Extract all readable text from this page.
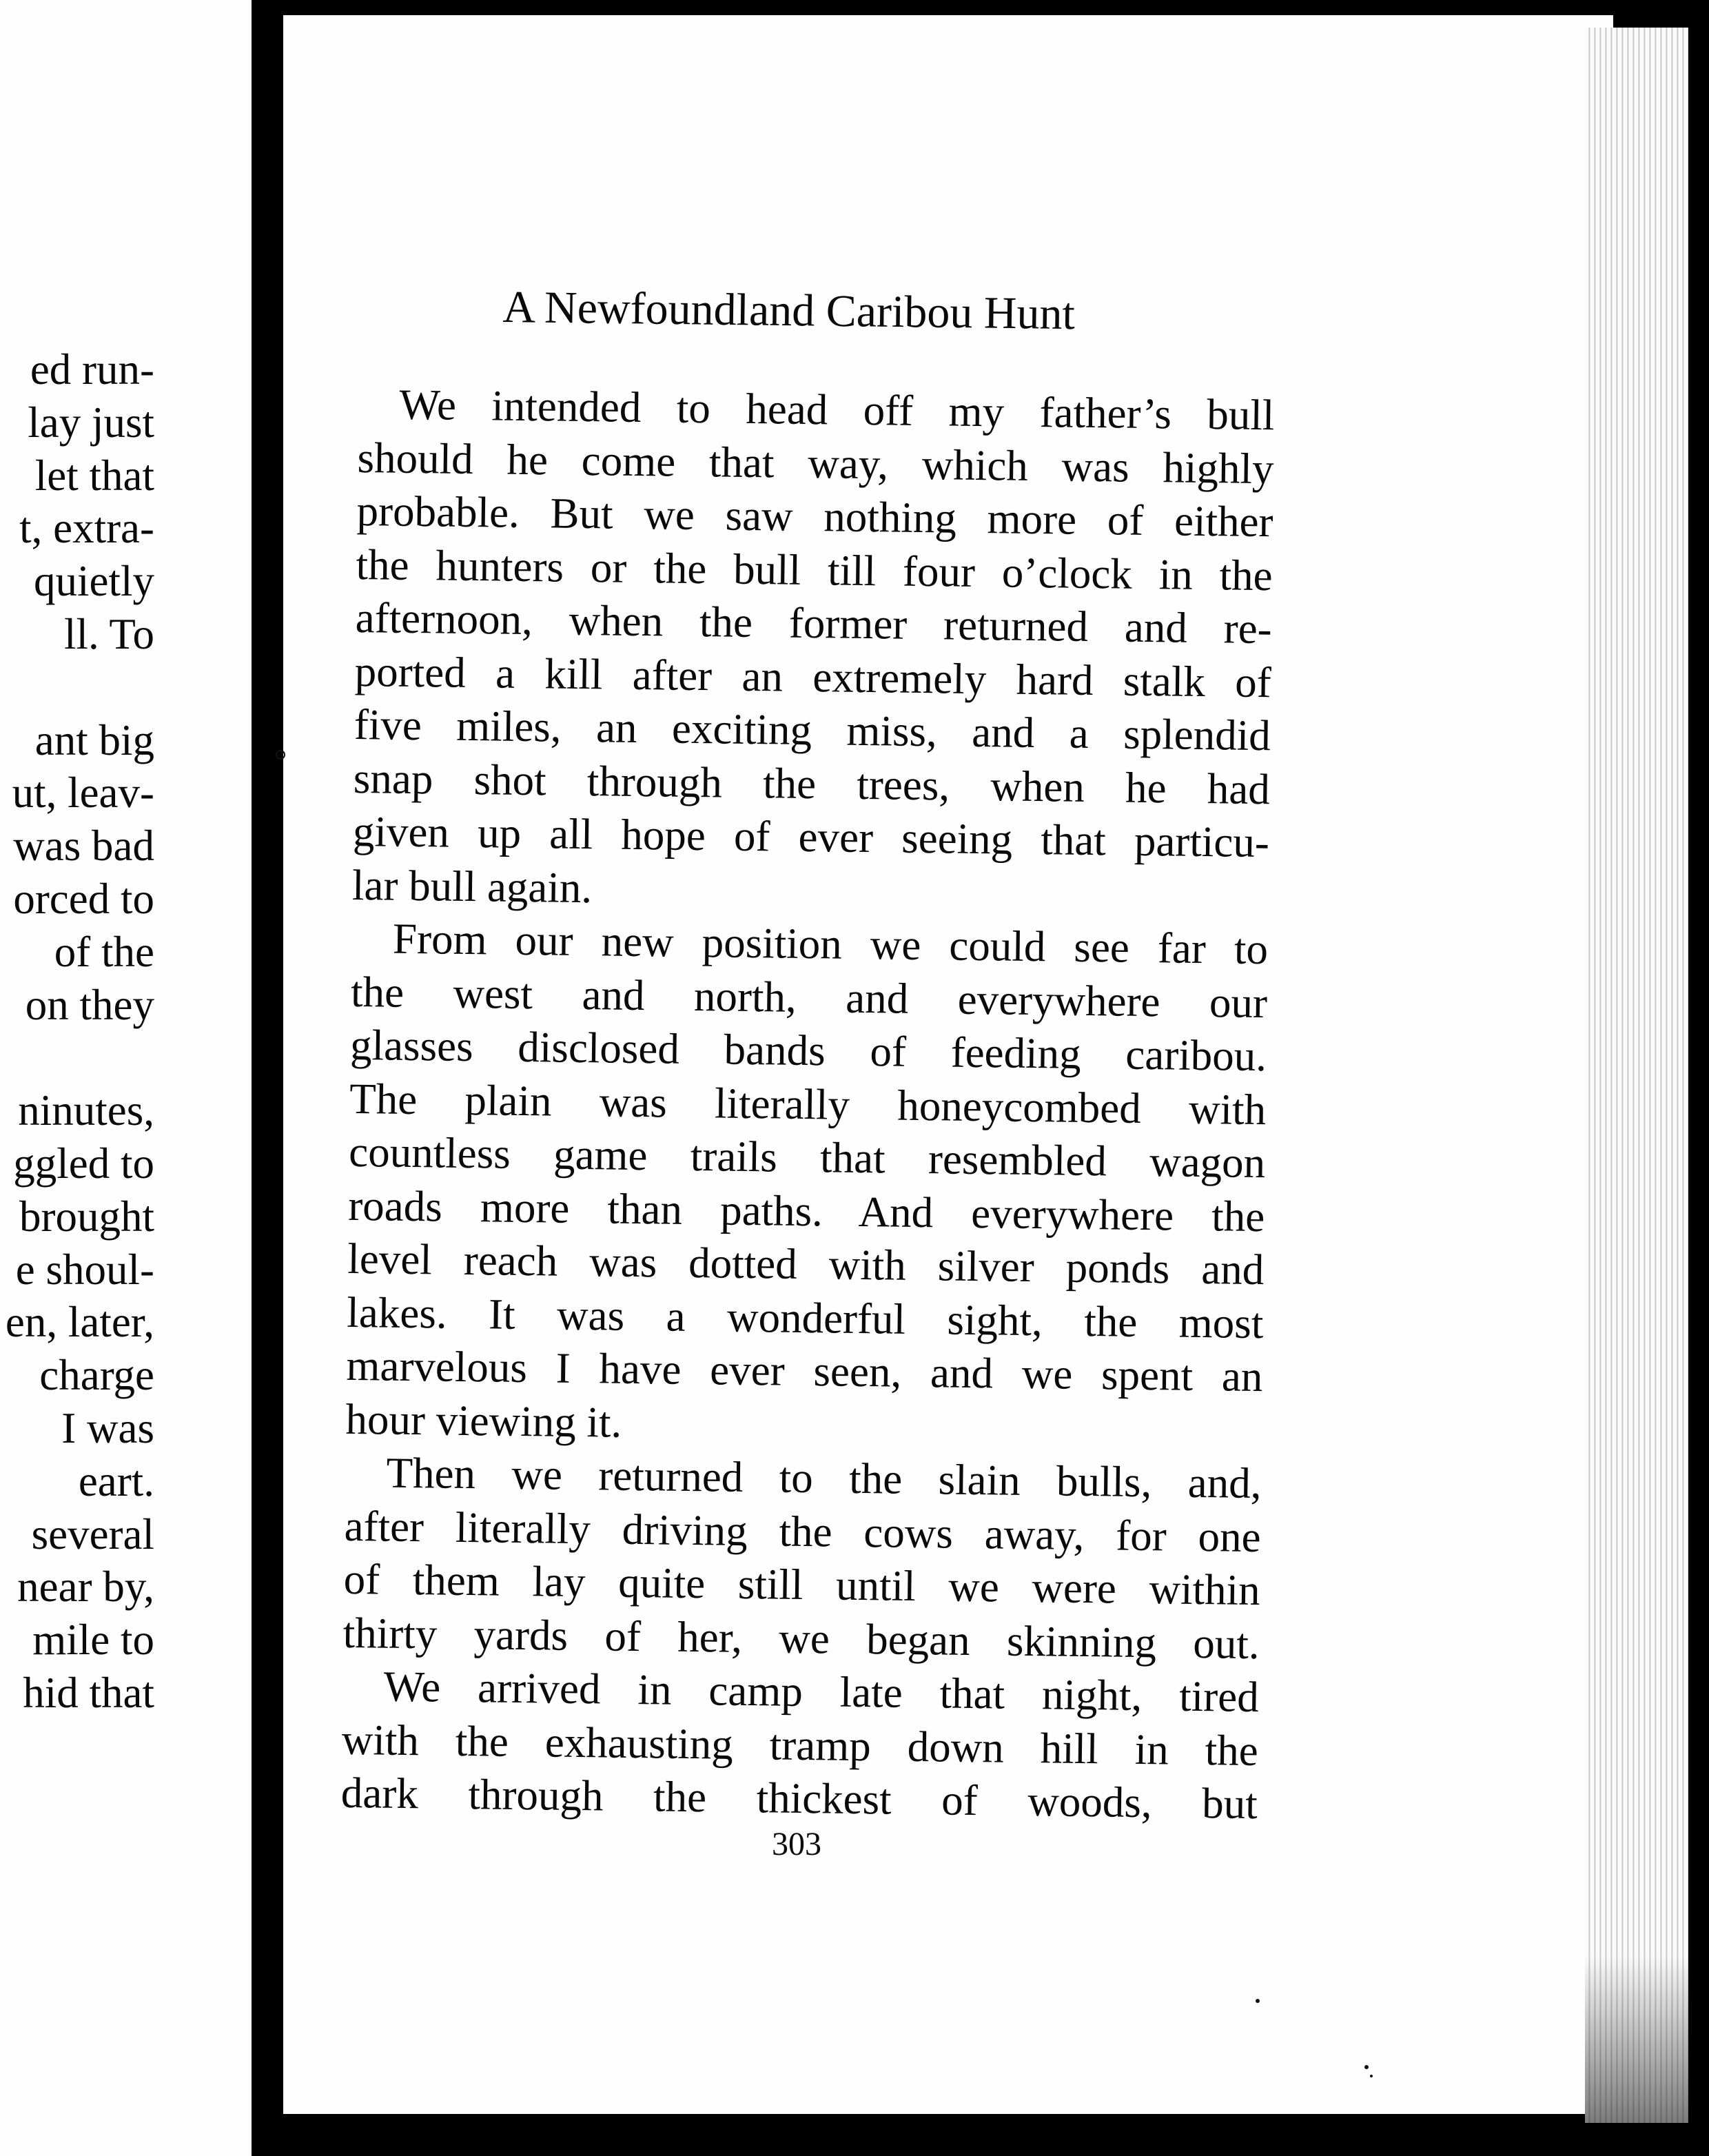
ed run-
lay just
let that
t, extra-
quietly
ll. To
ant big
ut, leav-
was bad
orced to
of the
on they
ninutes,
ggled to
brought
e shoul-
en, later,
charge
I was
eart.
several
near by,
mile to
hid that
A Newfoundland Caribou Hunt
We intended to head off my father’s bull
should he come that way, which was highly
probable. But we saw nothing more of either
the hunters or the bull till four o’clock in the
afternoon, when the former returned and re-
ported a kill after an extremely hard stalk of
five miles, an exciting miss, and a splendid
snap shot through the trees, when he had
given up all hope of ever seeing that particu-
lar bull again.
From our new position we could see far to
the west and north, and everywhere our
glasses disclosed bands of feeding caribou.
The plain was literally honeycombed with
countless game trails that resembled wagon
roads more than paths. And everywhere the
level reach was dotted with silver ponds and
lakes. It was a wonderful sight, the most
marvelous I have ever seen, and we spent an
hour viewing it.
Then we returned to the slain bulls, and,
after literally driving the cows away, for one
of them lay quite still until we were within
thirty yards of her, we began skinning out.
We arrived in camp late that night, tired
with the exhausting tramp down hill in the
dark through the thickest of woods, but
303
